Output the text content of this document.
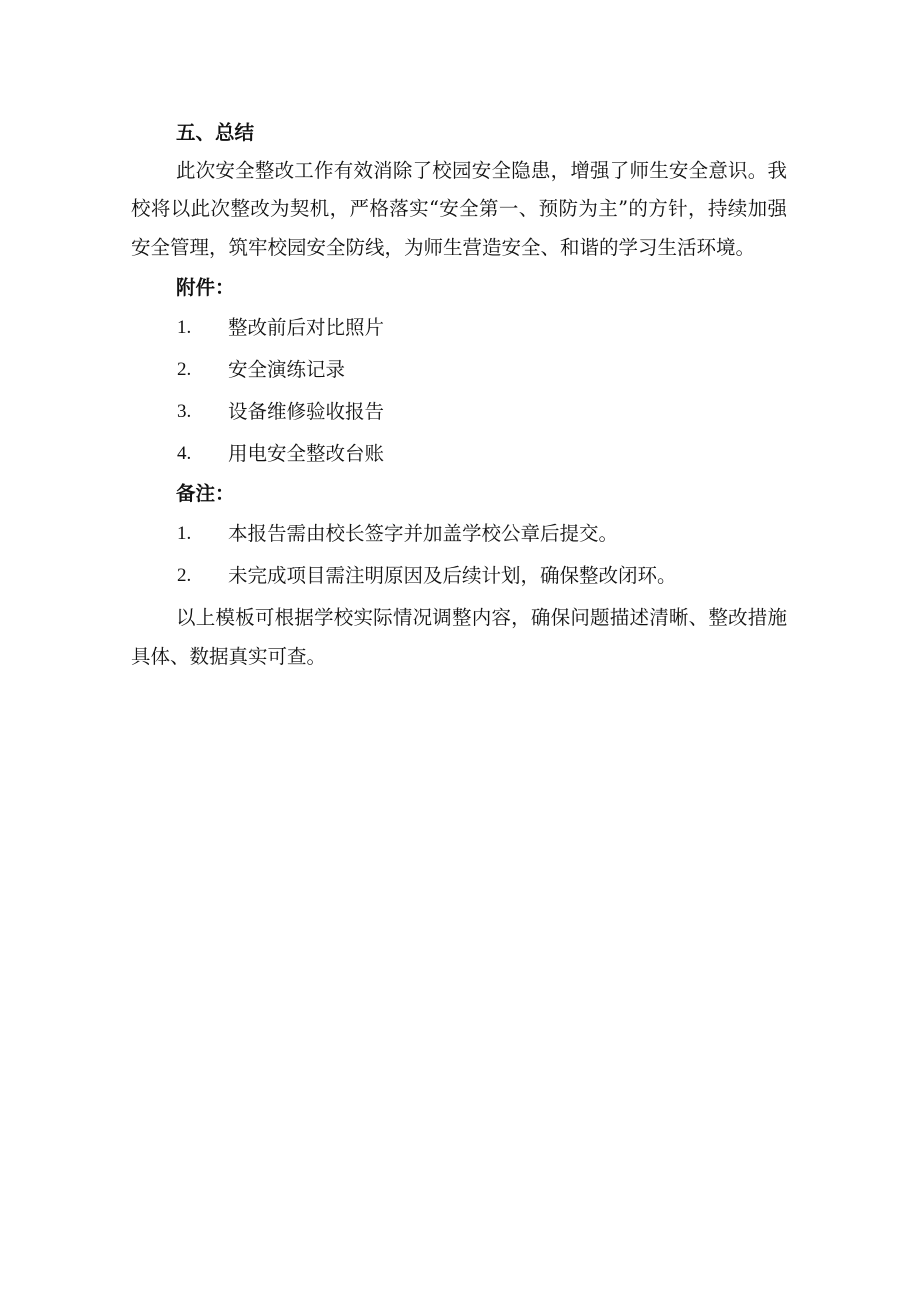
五、总结

此次安全整改工作有效消除了校园安全隐患，增强了师生安全意识。我校将以此次整改为契机，严格落实“安全第一、预防为主”的方针，持续加强安全管理，筑牢校园安全防线，为师生营造安全、和谐的学习生活环境。

附件：
1. 整改前后对比照片
2. 安全演练记录
3. 设备维修验收报告
4. 用电安全整改台账
备注：
1. 本报告需由校长签字并加盖学校公章后提交。
2. 未完成项目需注明原因及后续计划，确保整改闭环。

以上模板可根据学校实际情况调整内容，确保问题描述清晰、整改措施具体、数据真实可查。
